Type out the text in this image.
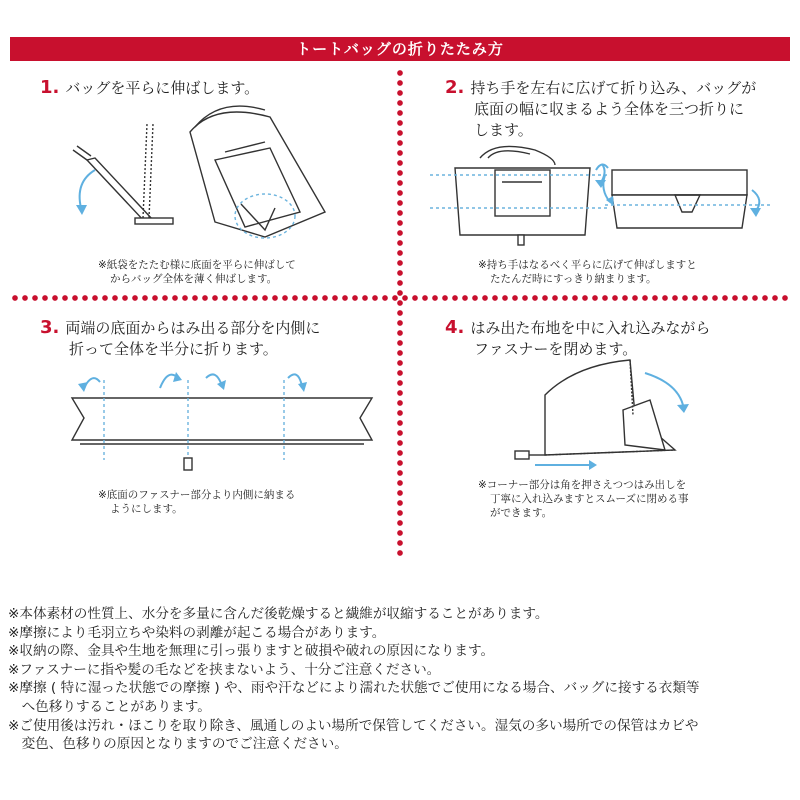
トートバッグの折りたたみ方
1. バッグを平らに伸ばします。
※紙袋をたたむ様に底面を平らに伸ばして
からバッグ全体を薄く伸ばします。
2. 持ち手を左右に広げて折り込み、バッグが
底面の幅に収まるよう全体を三つ折りに
します。
※持ち手はなるべく平らに広げて伸ばしますと
たたんだ時にすっきり納まります。
3. 両端の底面からはみ出る部分を内側に
折って全体を半分に折ります。
※底面のファスナー部分より内側に納まる
ようにします。
4. はみ出た布地を中に入れ込みながら
ファスナーを閉めます。
※コーナー部分は角を押さえつつはみ出しを
丁寧に入れ込みますとスムーズに閉める事
ができます。

※本体素材の性質上、水分を多量に含んだ後乾燥すると繊維が収縮することがあります。

※摩擦により毛羽立ちや染料の剥離が起こる場合があります。

※収納の際、金具や生地を無理に引っ張りますと破損や破れの原因になります。

※ファスナーに指や髪の毛などを挟まないよう、十分ご注意ください。

※摩擦 ( 特に湿った状態での摩擦 ) や、雨や汗などにより濡れた状態でご使用になる場合、バッグに接する衣類等

　へ色移りすることがあります。

※ご使用後は汚れ・ほこりを取り除き、風通しのよい場所で保管してください。湿気の多い場所での保管はカビや

　変色、色移りの原因となりますのでご注意ください。
